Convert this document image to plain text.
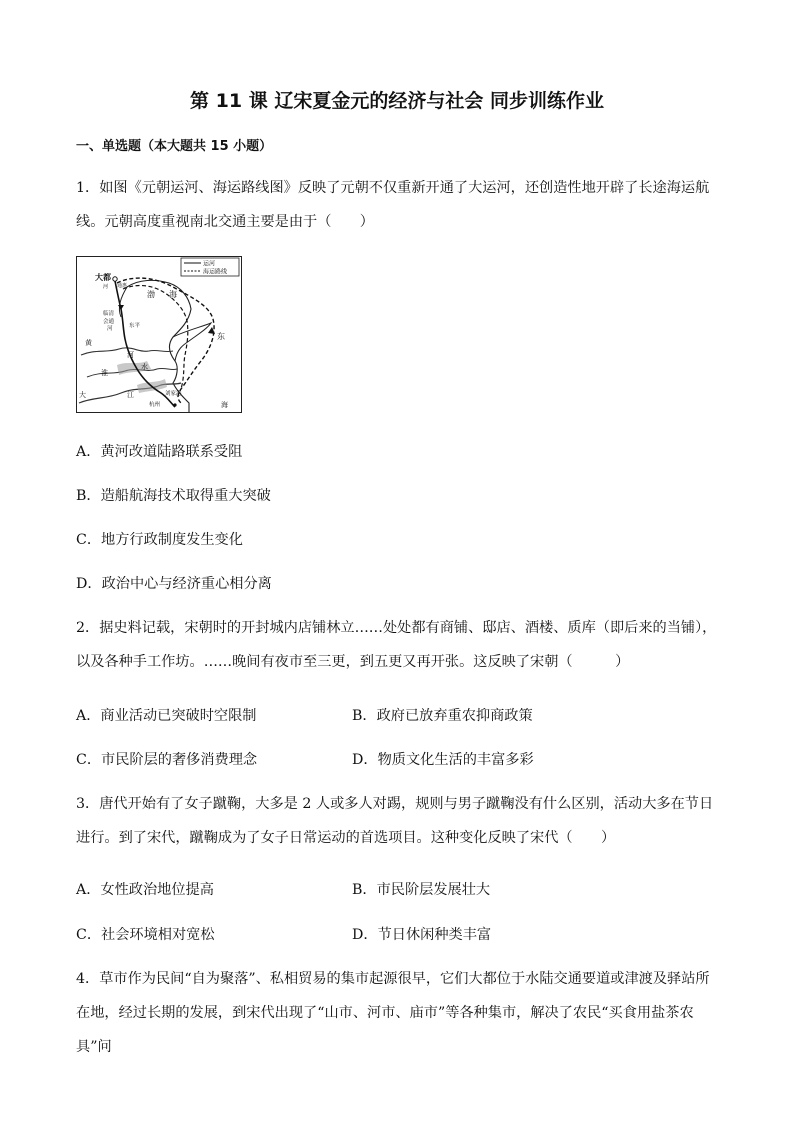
第 11 课 辽宋夏金元的经济与社会 同步训练作业
一、单选题（本大题共 15 小题）
1．如图《元朝运河、海运路线图》反映了元朝不仅重新开通了大运河，还创造性地开辟了长途海运航线。元朝高度重视南北交通主要是由于（　　）
运河
海运路线
大都
通惠
河
渤 海
东
临清
会通
河	东平
黄
河
淮
水
大	江	刘家港
杭州	海
A．黄河改道陆路联系受阻
B．造船航海技术取得重大突破
C．地方行政制度发生变化
D．政治中心与经济重心相分离
2．据史料记载，宋朝时的开封城内店铺林立……处处都有商铺、邸店、酒楼、质库（即后来的当铺），以及各种手工作坊。……晚间有夜市至三更，到五更又再开张。这反映了宋朝（　　　）
A．商业活动已突破时空限制	B．政府已放弃重农抑商政策
C．市民阶层的奢侈消费理念	D．物质文化生活的丰富多彩
3．唐代开始有了女子蹴鞠，大多是 2 人或多人对踢，规则与男子蹴鞠没有什么区别，活动大多在节日进行。到了宋代，蹴鞠成为了女子日常运动的首选项目。这种变化反映了宋代（　　）
A．女性政治地位提高	B．市民阶层发展壮大
C．社会环境相对宽松	D．节日休闲种类丰富
4．草市作为民间“自为聚落”、私相贸易的集市起源很早，它们大都位于水陆交通要道或津渡及驿站所在地，经过长期的发展，到宋代出现了“山市、河市、庙市”等各种集市，解决了农民“买食用盐茶农具”问
